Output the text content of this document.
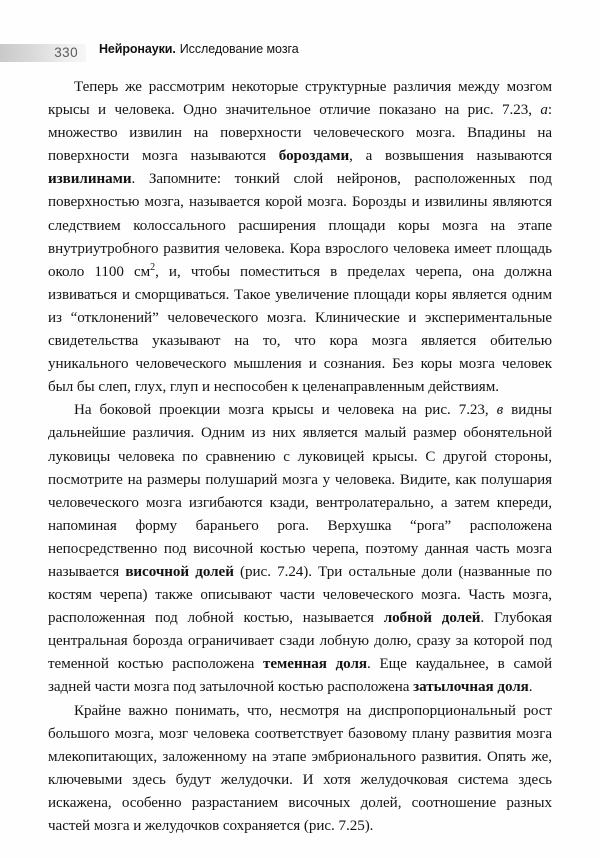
330 Нейронауки. Исследование мозга

Теперь же рассмотрим некоторые структурные различия между мозгом крысы и человека. Одно значительное отличие показано на рис. 7.23, а: множество извилин на поверхности человеческого мозга. Впадины на поверхности мозга называются бороздами, а возвышения называются извилинами. Запомните: тонкий слой нейронов, расположенных под поверхностью мозга, называется корой мозга. Борозды и извилины являются следствием колоссального расширения площади коры мозга на этапе внутриутробного развития человека. Кора взрослого человека имеет площадь около 1100 $см^2$, и, чтобы поместиться в пределах черепа, она должна извиваться и сморщиваться. Такое увеличение площади коры является одним из “отклонений” человеческого мозга. Клинические и экспериментальные свидетельства указывают на то, что кора мозга является обителью уникального человеческого мышления и сознания. Без коры мозга человек был бы слеп, глух, глуп и неспособен к целенаправленным действиям.

На боковой проекции мозга крысы и человека на рис. 7.23, в видны дальнейшие различия. Одним из них является малый размер обонятельной луковицы человека по сравнению с луковицей крысы. С другой стороны, посмотрите на размеры полушарий мозга у человека. Видите, как полушария человеческого мозга изгибаются кзади, вентролатерально, а затем кпереди, напоминая форму бараньего рога. Верхушка “рога” расположена непосредственно под височной костью черепа, поэтому данная часть мозга называется височной долей (рис. 7.24). Три остальные доли (названные по костям черепа) также описывают части человеческого мозга. Часть мозга, расположенная под лобной костью, называется лобной долей. Глубокая центральная борозда ограничивает сзади лобную долю, сразу за которой под теменной костью расположена теменная доля. Еще каудальнее, в самой задней части мозга под затылочной костью расположена затылочная доля.

Крайне важно понимать, что, несмотря на диспропорциональный рост большого мозга, мозг человека соответствует базовому плану развития мозга млекопитающих, заложенному на этапе эмбрионального развития. Опять же, ключевыми здесь будут желудочки. И хотя желудочковая система здесь искажена, особенно разрастанием височных долей, соотношение разных частей мозга и желудочков сохраняется (рис. 7.25).
